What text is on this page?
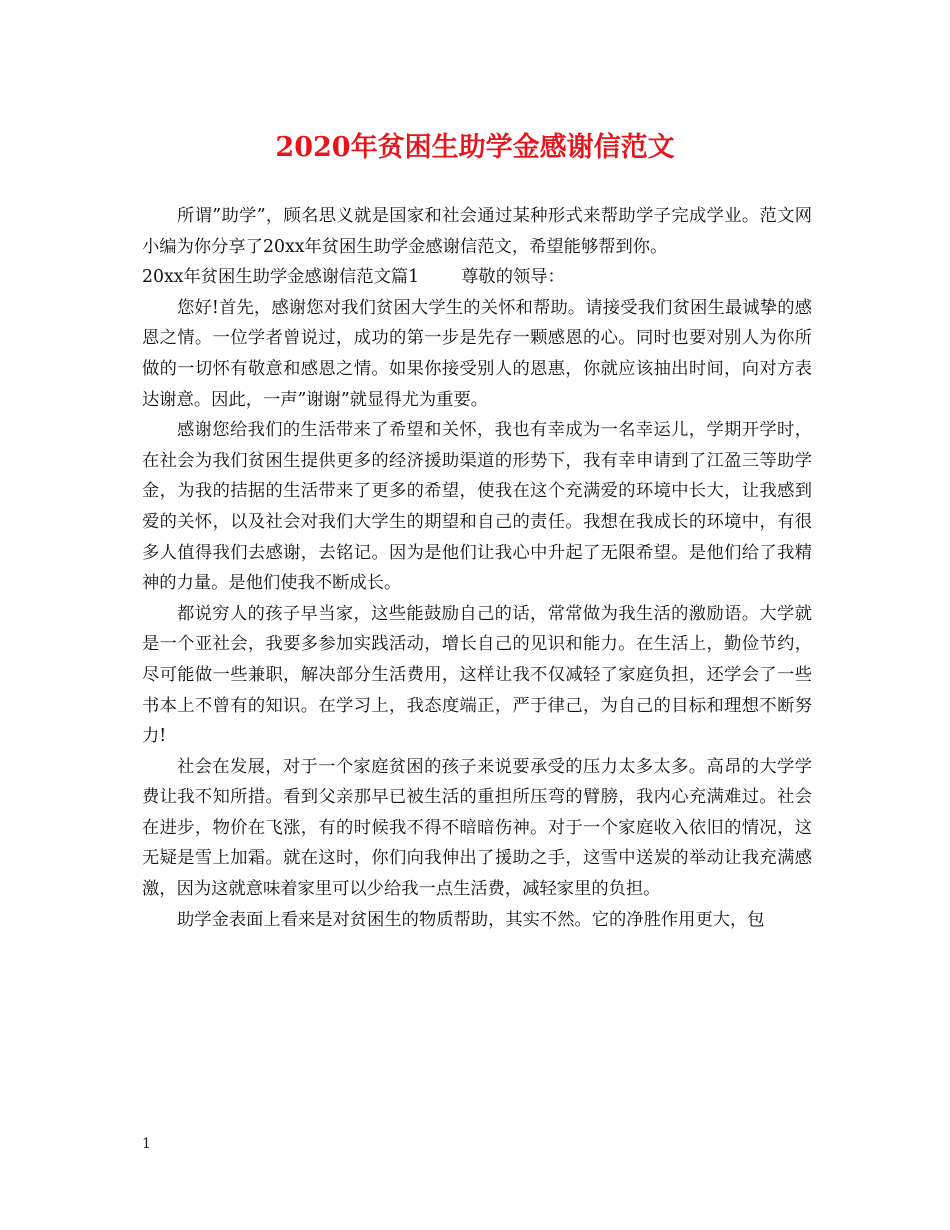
2020年贫困生助学金感谢信范文

所谓”助学”，顾名思义就是国家和社会通过某种形式来帮助学子完成学业。范文网小编为你分享了20xx年贫困生助学金感谢信范文，希望能够帮到你。

20xx年贫困生助学金感谢信范文篇1 尊敬的领导：

您好!首先，感谢您对我们贫困大学生的关怀和帮助。请接受我们贫困生最诚挚的感恩之情。一位学者曾说过，成功的第一步是先存一颗感恩的心。同时也要对别人为你所做的一切怀有敬意和感恩之情。如果你接受别人的恩惠，你就应该抽出时间，向对方表达谢意。因此，一声”谢谢”就显得尤为重要。

感谢您给我们的生活带来了希望和关怀，我也有幸成为一名幸运儿，学期开学时，在社会为我们贫困生提供更多的经济援助渠道的形势下，我有幸申请到了江盈三等助学金，为我的拮据的生活带来了更多的希望，使我在这个充满爱的环境中长大，让我感到爱的关怀，以及社会对我们大学生的期望和自己的责任。我想在我成长的环境中，有很多人值得我们去感谢，去铭记。因为是他们让我心中升起了无限希望。是他们给了我精神的力量。是他们使我不断成长。

都说穷人的孩子早当家，这些能鼓励自己的话，常常做为我生活的激励语。大学就是一个亚社会，我要多参加实践活动，增长自己的见识和能力。在生活上，勤俭节约，尽可能做一些兼职，解决部分生活费用，这样让我不仅减轻了家庭负担，还学会了一些书本上不曾有的知识。在学习上，我态度端正，严于律己，为自己的目标和理想不断努力!

社会在发展，对于一个家庭贫困的孩子来说要承受的压力太多太多。高昂的大学学费让我不知所措。看到父亲那早已被生活的重担所压弯的臂膀，我内心充满难过。社会在进步，物价在飞涨，有的时候我不得不暗暗伤神。对于一个家庭收入依旧的情况，这无疑是雪上加霜。就在这时，你们向我伸出了援助之手，这雪中送炭的举动让我充满感激，因为这就意味着家里可以少给我一点生活费，减轻家里的负担。

助学金表面上看来是对贫困生的物质帮助，其实不然。它的净胜作用更大，包

1
